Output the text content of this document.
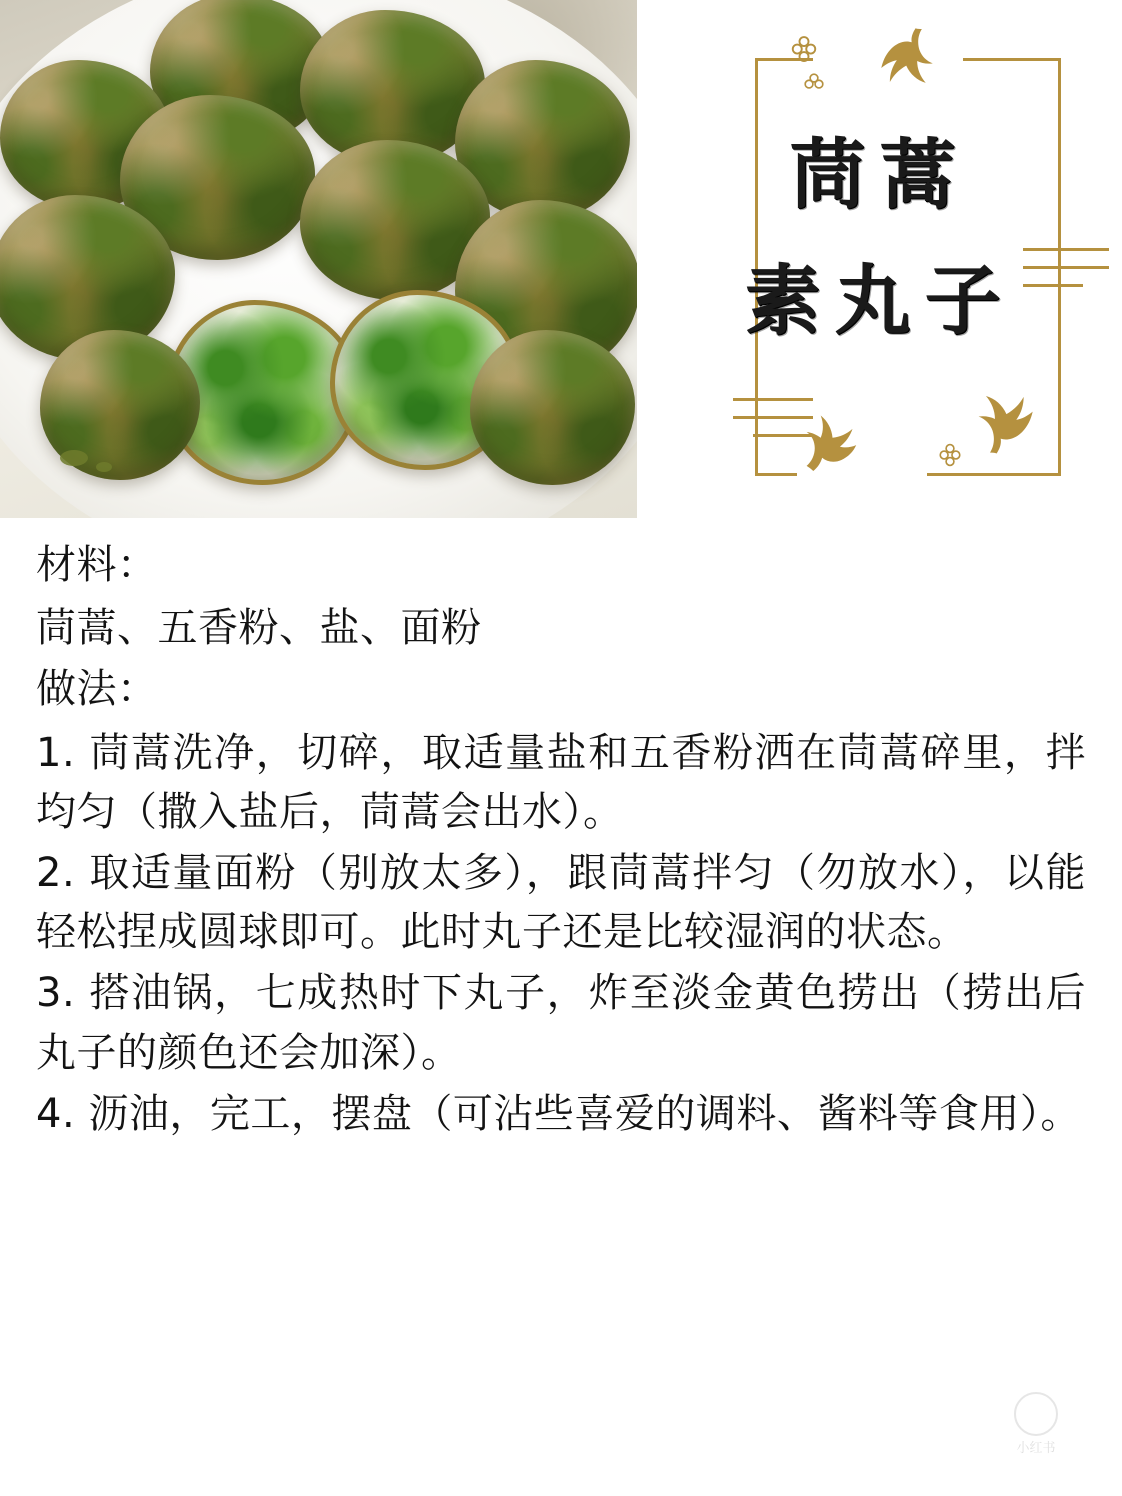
茼蒿
素丸子

材料：

茼蒿、五香粉、盐、面粉

做法：

1. 茼蒿洗净，切碎，取适量盐和五香粉洒在茼蒿碎里，拌均匀（撒入盐后，茼蒿会出水）。

2. 取适量面粉（别放太多），跟茼蒿拌匀（勿放水），以能轻松捏成圆球即可。此时丸子还是比较湿润的状态。

3. 搭油锅，七成热时下丸子，炸至淡金黄色捞出（捞出后丸子的颜色还会加深）。

4. 沥油，完工，摆盘（可沾些喜爱的调料、酱料等食用）。

小红书
